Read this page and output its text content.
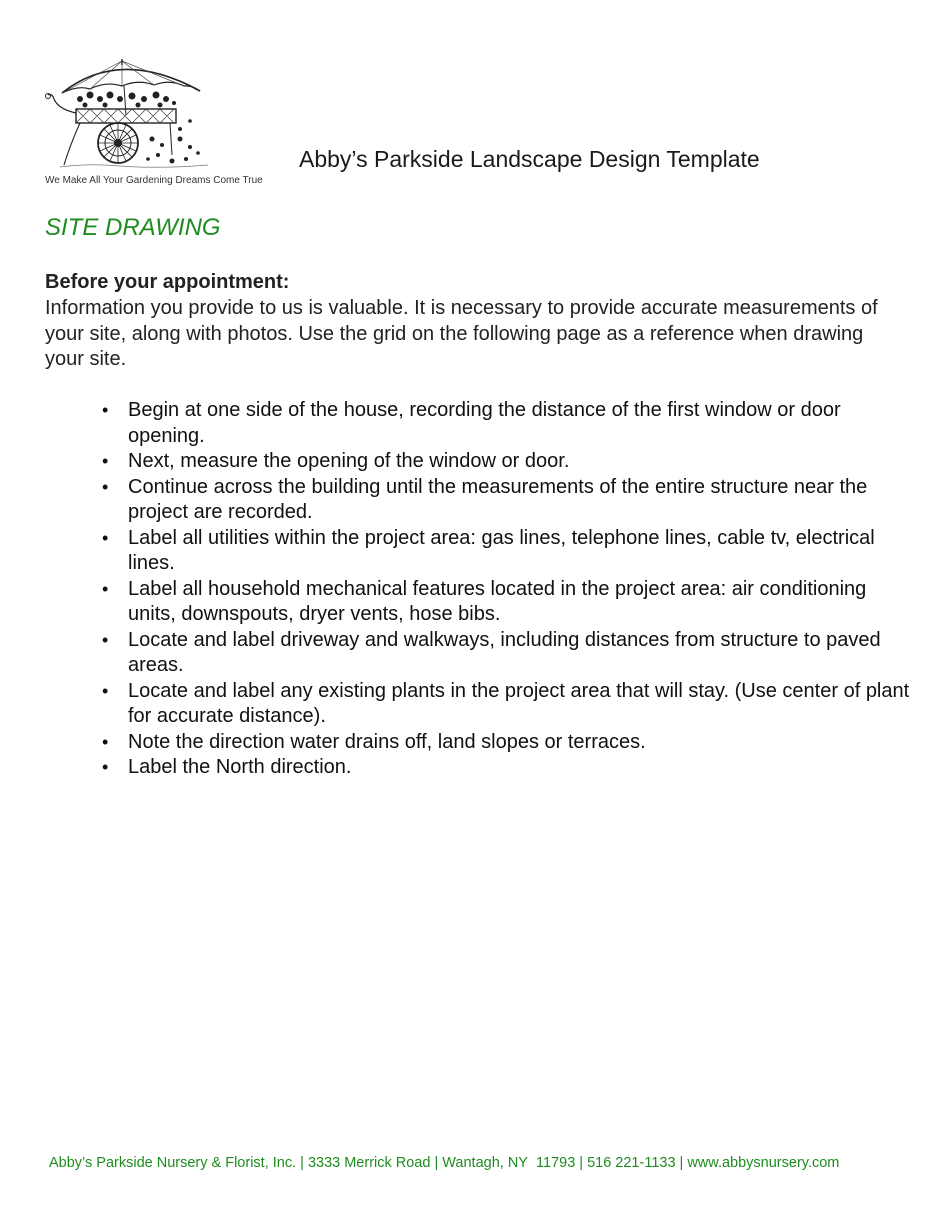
We Make All Your Gardening Dreams Come True
Abby’s Parkside Landscape Design Template
SITE DRAWING
Before your appointment:
Information you provide to us is valuable. It is necessary to provide accurate measurements of your site, along with photos. Use the grid on the following page as a reference when drawing your site.
• Begin at one side of the house, recording the distance of the first window or door opening.
• Next, measure the opening of the window or door.
• Continue across the building until the measurements of the entire structure near the project are recorded.
• Label all utilities within the project area: gas lines, telephone lines, cable tv, electrical lines.
• Label all household mechanical features located in the project area: air conditioning units, downspouts, dryer vents, hose bibs.
• Locate and label driveway and walkways, including distances from structure to paved areas.
• Locate and label any existing plants in the project area that will stay. (Use center of plant for accurate distance).
• Note the direction water drains off, land slopes or terraces.
• Label the North direction.
Abby’s Parkside Nursery & Florist, Inc. | 3333 Merrick Road | Wantagh, NY  11793 | 516 221-1133 | www.abbysnursery.com
